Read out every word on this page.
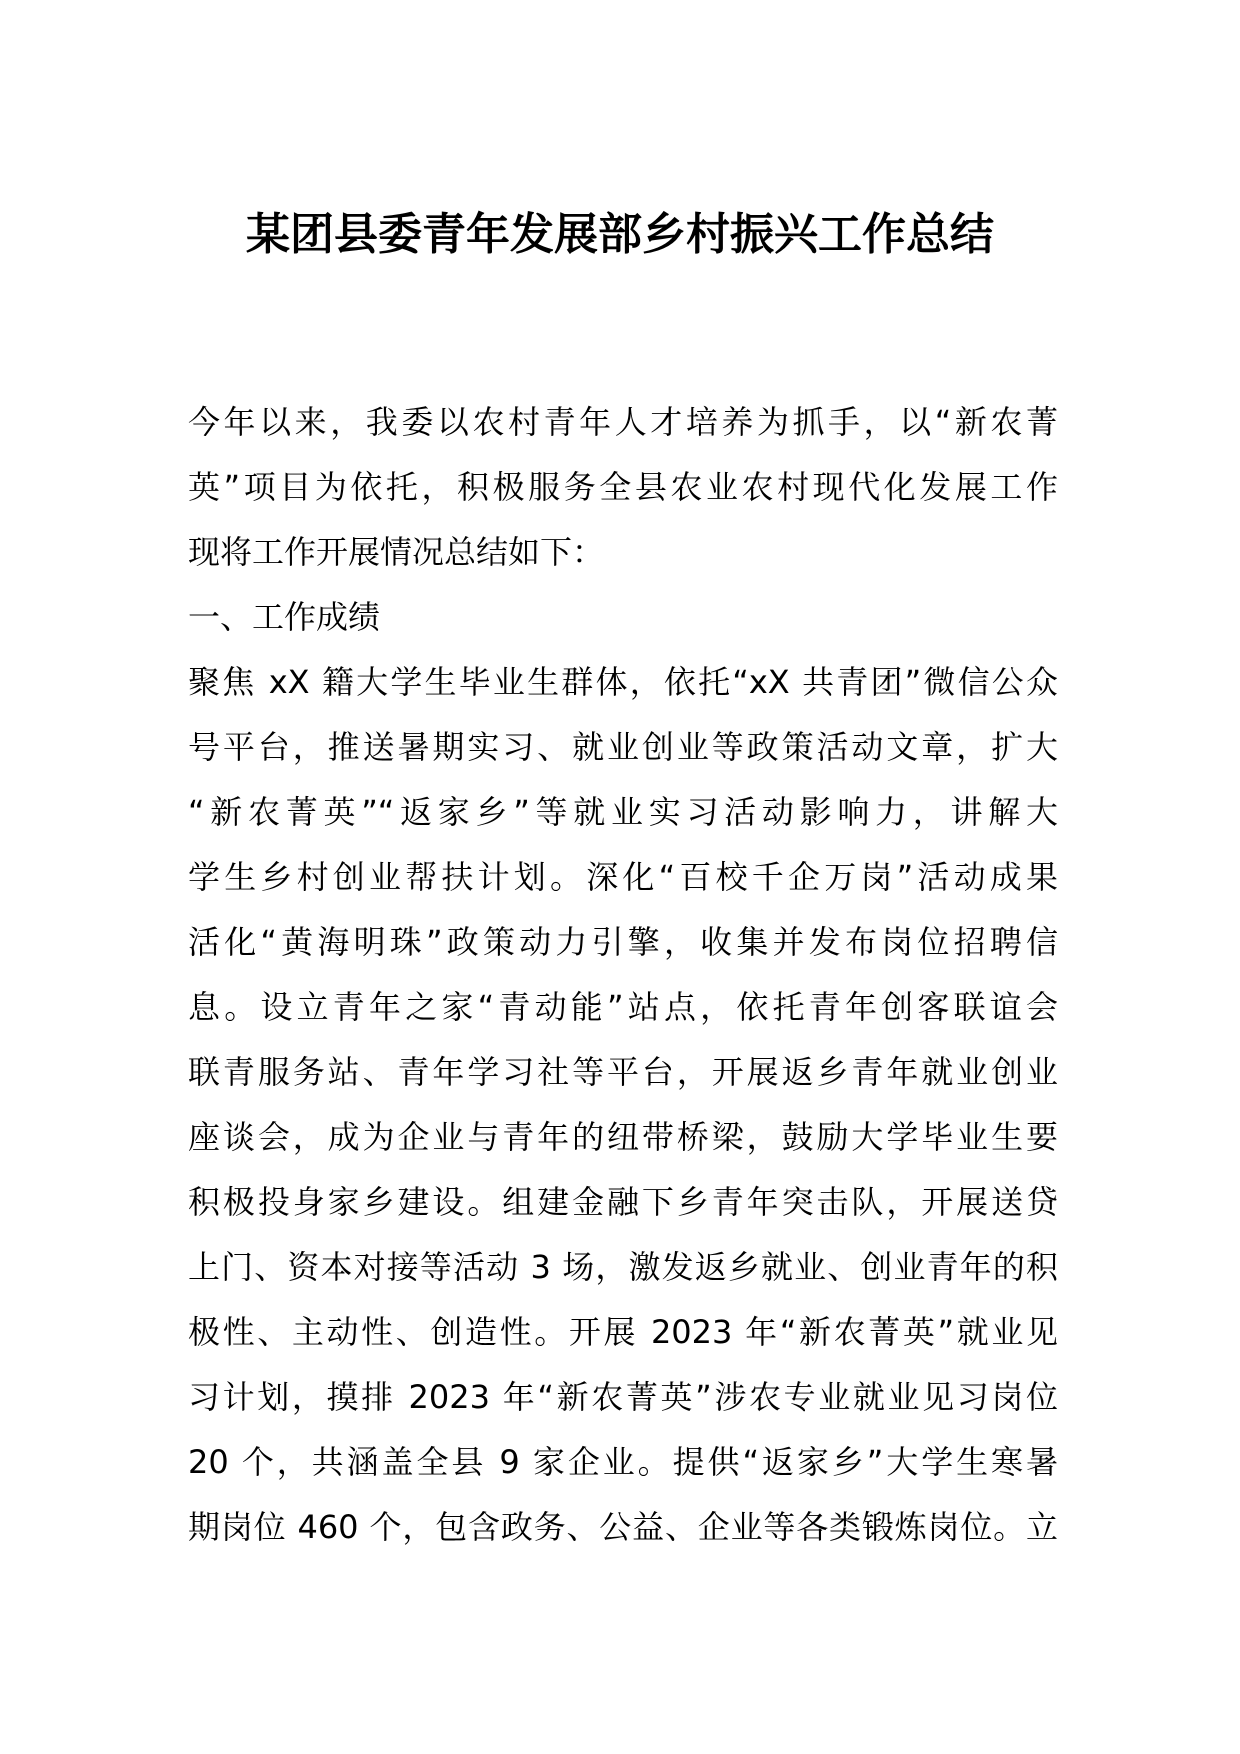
某团县委青年发展部乡村振兴工作总结
今年以来，我委以农村青年人才培养为抓手，以“新农菁
英”项目为依托，积极服务全县农业农村现代化发展工作
现将工作开展情况总结如下：
一、工作成绩
聚焦 xX 籍大学生毕业生群体，依托“xX 共青团”微信公众
号平台，推送暑期实习、就业创业等政策活动文章，扩大
“新农菁英”“返家乡”等就业实习活动影响力，讲解大
学生乡村创业帮扶计划。深化“百校千企万岗”活动成果
活化“黄海明珠”政策动力引擎，收集并发布岗位招聘信
息。设立青年之家“青动能”站点，依托青年创客联谊会
联青服务站、青年学习社等平台，开展返乡青年就业创业
座谈会，成为企业与青年的纽带桥梁，鼓励大学毕业生要
积极投身家乡建设。组建金融下乡青年突击队，开展送贷
上门、资本对接等活动 3 场，激发返乡就业、创业青年的积
极性、主动性、创造性。开展 2023 年“新农菁英”就业见
习计划，摸排 2023 年“新农菁英”涉农专业就业见习岗位
20 个，共涵盖全县 9 家企业。提供“返家乡”大学生寒暑
期岗位 460 个，包含政务、公益、企业等各类锻炼岗位。立
